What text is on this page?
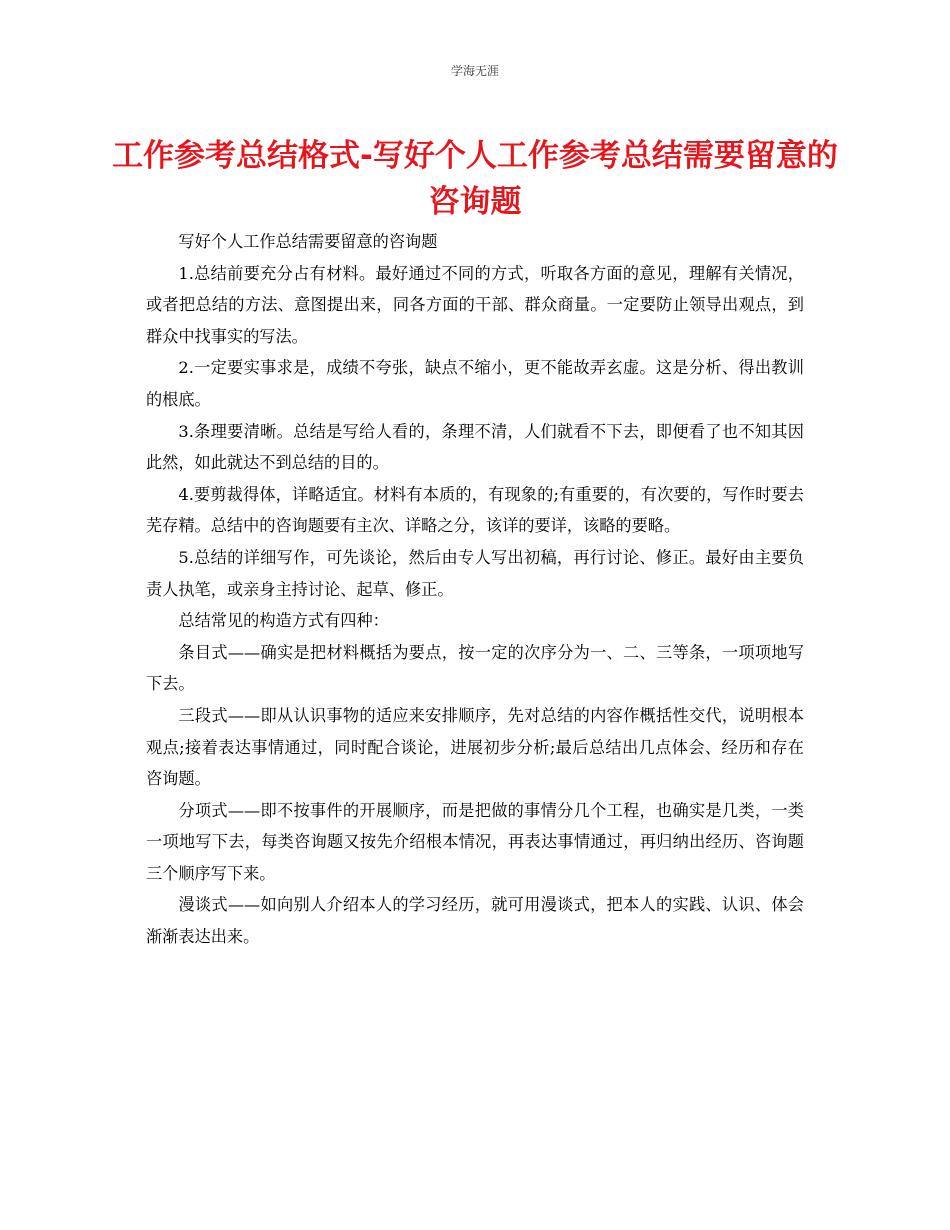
学海无涯
工作参考总结格式-写好个人工作参考总结需要留意的咨询题

写好个人工作总结需要留意的咨询题

1.总结前要充分占有材料。最好通过不同的方式，听取各方面的意见，理解有关情况，或者把总结的方法、意图提出来，同各方面的干部、群众商量。一定要防止领导出观点，到群众中找事实的写法。

2.一定要实事求是，成绩不夸张，缺点不缩小，更不能故弄玄虚。这是分析、得出教训的根底。

3.条理要清晰。总结是写给人看的，条理不清，人们就看不下去，即便看了也不知其因此然，如此就达不到总结的目的。

4.要剪裁得体，详略适宜。材料有本质的，有现象的;有重要的，有次要的，写作时要去芜存精。总结中的咨询题要有主次、详略之分，该详的要详，该略的要略。

5.总结的详细写作，可先谈论，然后由专人写出初稿，再行讨论、修正。最好由主要负责人执笔，或亲身主持讨论、起草、修正。

总结常见的构造方式有四种：

条目式——确实是把材料概括为要点，按一定的次序分为一、二、三等条，一项项地写下去。

三段式——即从认识事物的适应来安排顺序，先对总结的内容作概括性交代，说明根本观点;接着表达事情通过，同时配合谈论，进展初步分析;最后总结出几点体会、经历和存在咨询题。

分项式——即不按事件的开展顺序，而是把做的事情分几个工程，也确实是几类，一类一项地写下去，每类咨询题又按先介绍根本情况，再表达事情通过，再归纳出经历、咨询题三个顺序写下来。

漫谈式——如向别人介绍本人的学习经历，就可用漫谈式，把本人的实践、认识、体会渐渐表达出来。
